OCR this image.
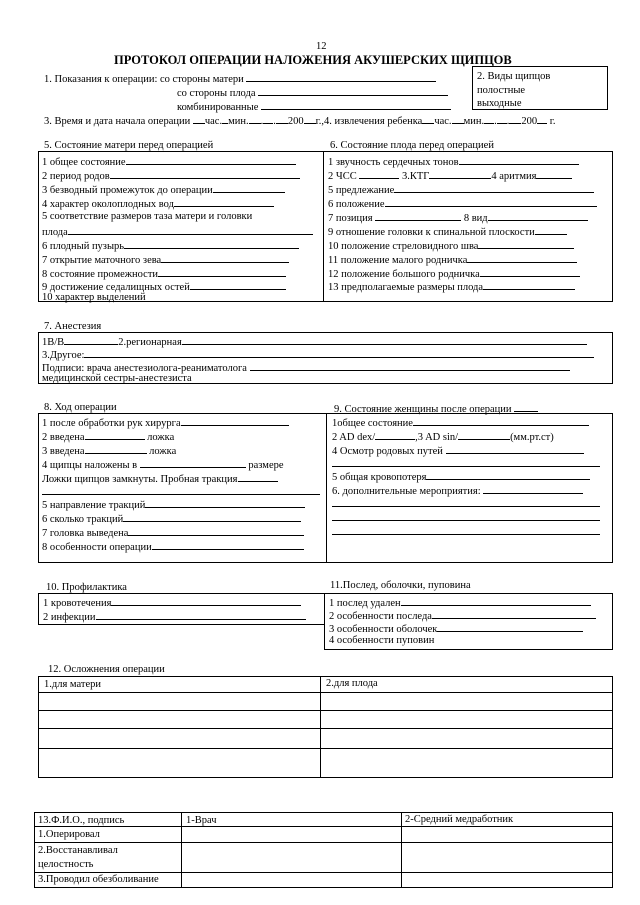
12
ПРОТОКОЛ ОПЕРАЦИИ НАЛОЖЕНИЯ АКУШЕРСКИХ ЩИПЦОВ
1. Показания к операции: со стороны матери
со стороны плода
комбинированные
2. Виды щипцов
полостные
выходные
3. Время и дата начала операции час. мин. . . 200 г.,4. извлечения ребенка час. мин. . . 200 г.
5. Состояние матери перед операцией	6. Состояние плода перед операцией
1 общее состояние
2 период родов
3 безводный промежуток до операции
4 характер околоплодных вод
5 соответствие размеров таза матери и головки
плода
6 плодный пузырь
7 открытие маточного зева
8 состояние промежности
9 достижение седалищных остей
10 характер выделений
1 звучность сердечных тонов
2 ЧСС	3.КТГ	4 аритмия
5 предлежание
6 положение
7 позиция	8 вид
9 отношение головки к спинальной плоскости
10 положение стреловидного шва
11 положение малого родничка
12 положение большого родничка
13 предполагаемые размеры плода
7. Анестезия
1В/В	2.регионарная
3.Другое:
Подписи: врача анестезиолога-реаниматолога
медицинской сестры-анестезиста
8. Ход операции	9. Состояние женщины после операции
1 после обработки рук хирурга
2 введена	ложка
3 введена	ложка
4 щипцы наложены в	размере
Ложки щипцов замкнуты. Пробная тракция
5 направление тракций
6 сколько тракций
7 головка выведена
8 особенности операции
1общее состояние
2 AD dex/	,3 AD sin/	(мм.рт.ст)
4 Осмотр родовых путей
5 общая кровопотеря
6. дополнительные мероприятия:
10. Профилактика	11.Послед, оболочки, пуповина
1 кровотечения
2 инфекции
1 послед удален
2 особенности последа
3 особенности оболочек
4 особенности пуповин
12. Осложнения операции
1.для матери	2.для плода
13.Ф.И.О., подпись	1-Врач	2-Средний медработник
1.Оперировал
2.Восстанавливал
целостность
3.Проводил обезболивание
